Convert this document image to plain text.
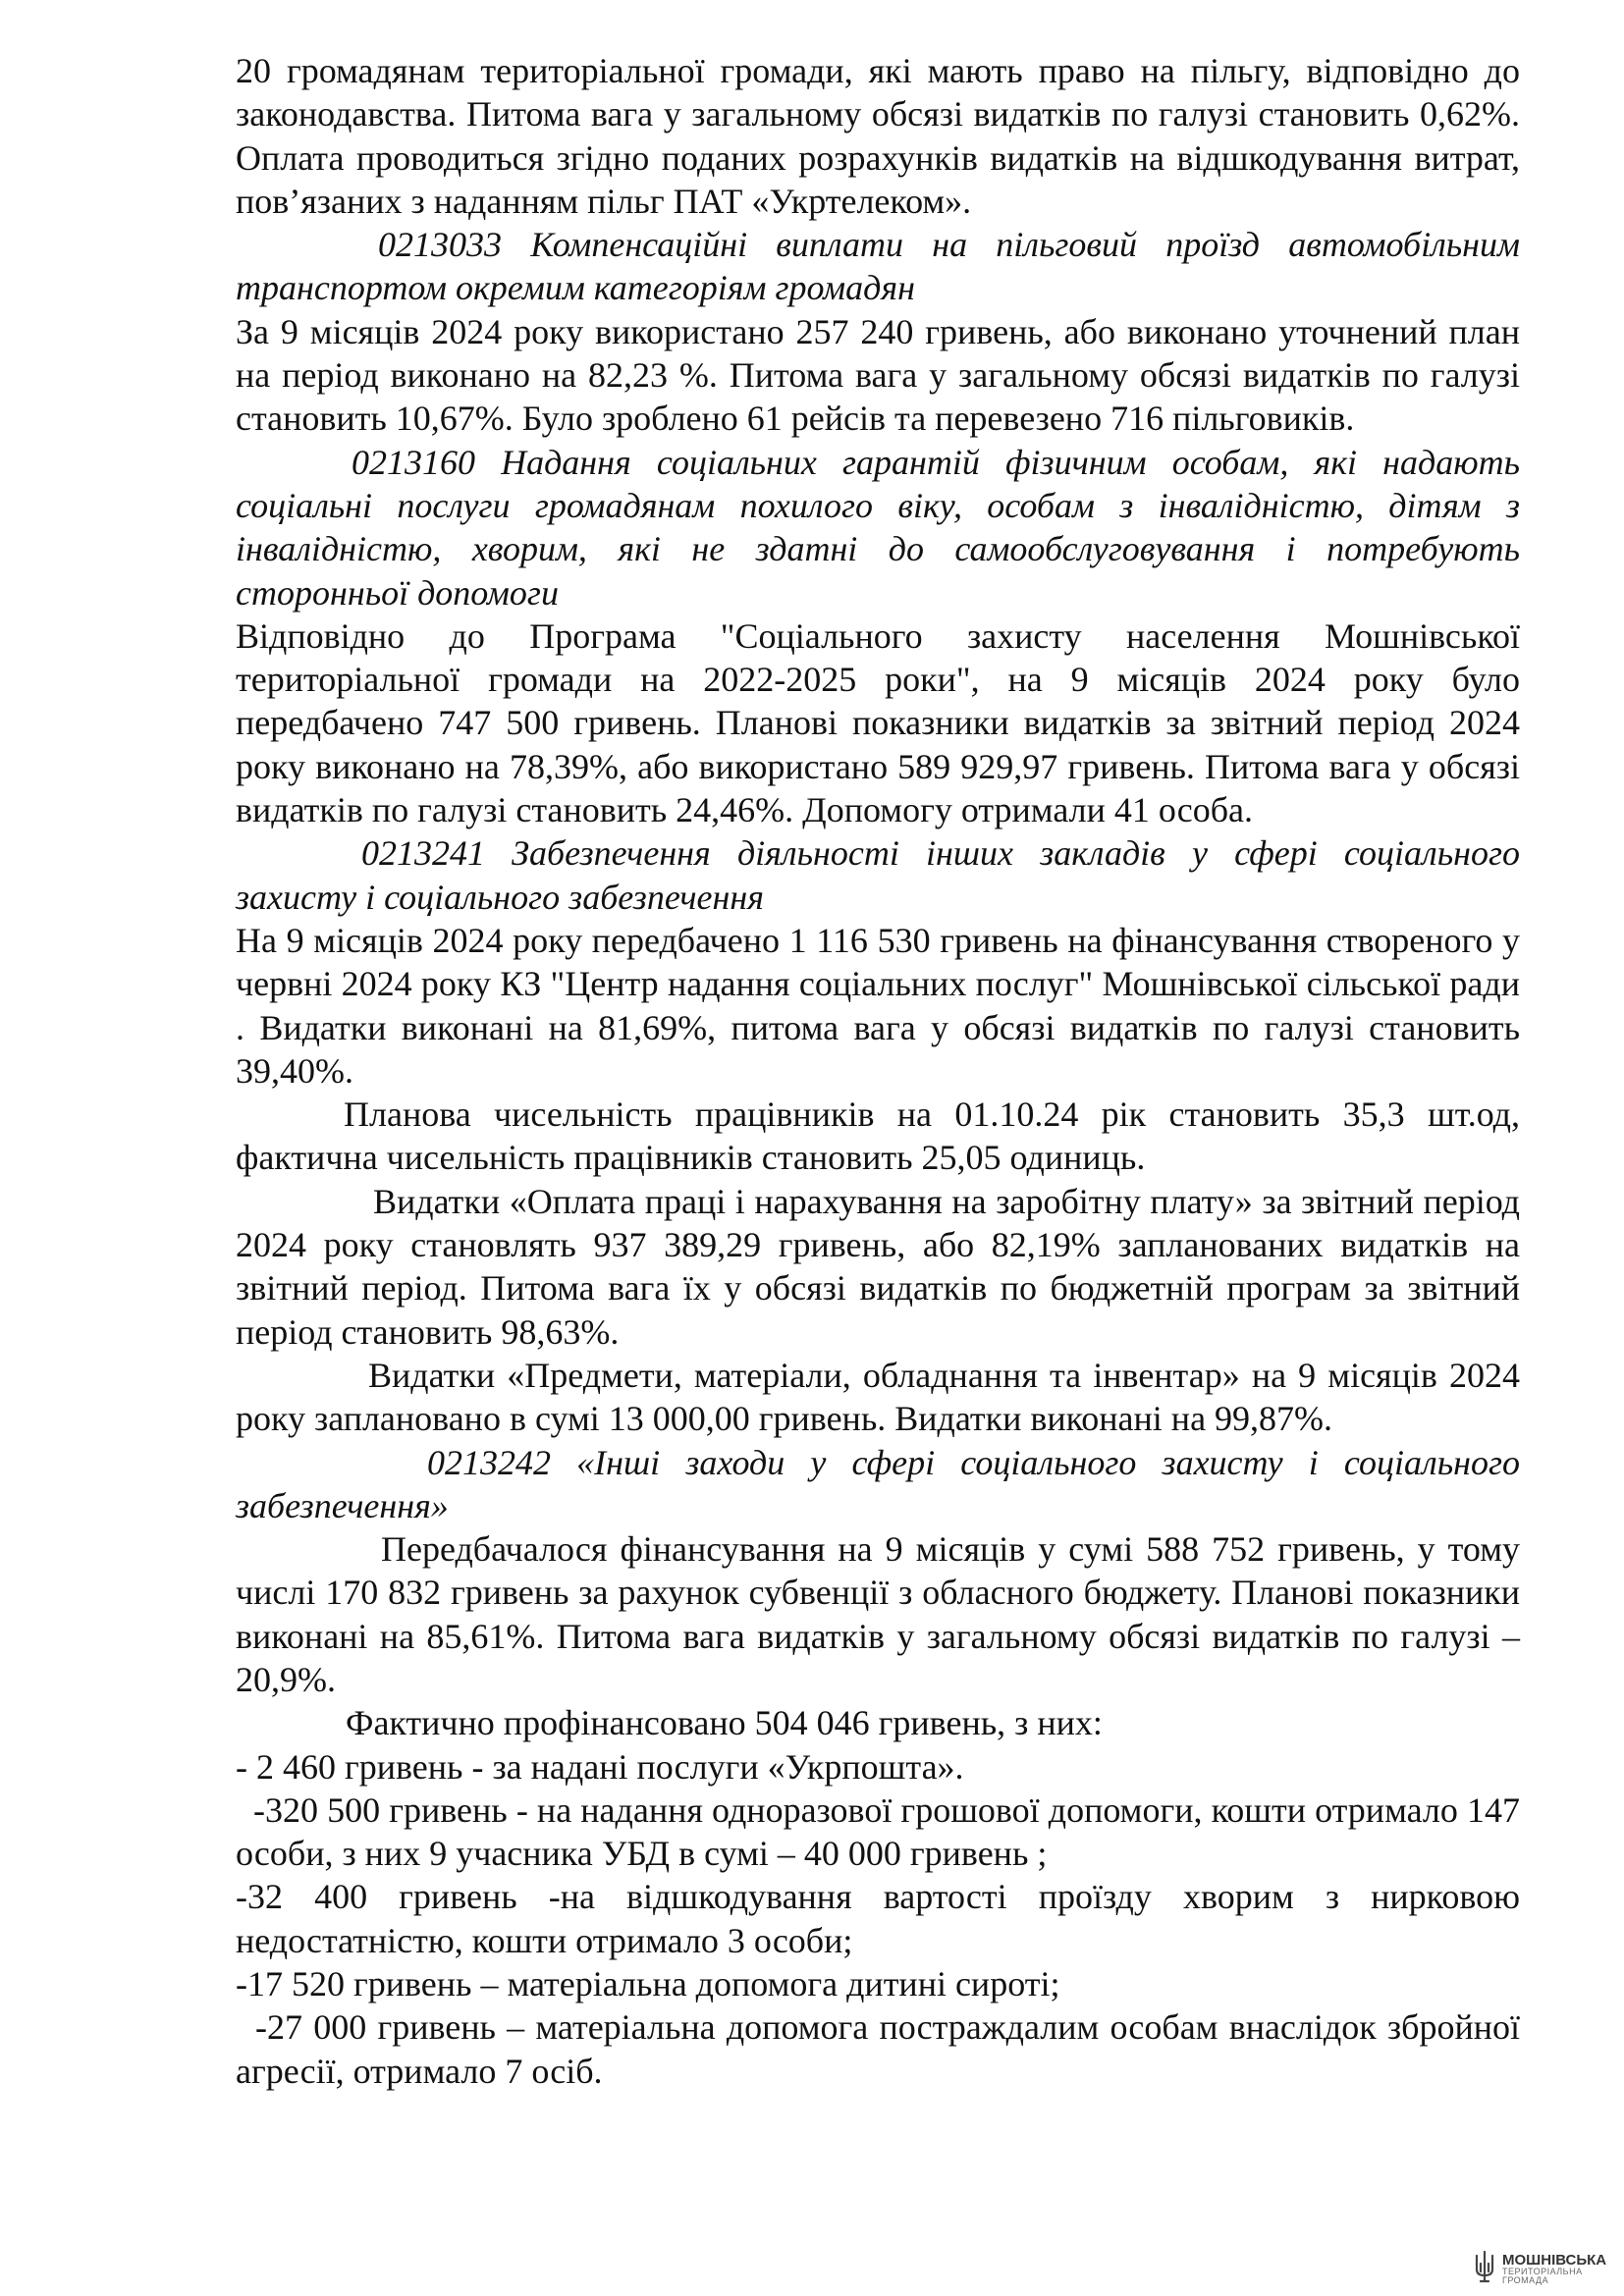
20 громадянам територіальної громади, які мають право на пільгу, відповідно до законодавства. Питома вага у загальному обсязі видатків по галузі становить 0,62%. Оплата проводиться згідно поданих розрахунків видатків на відшкодування витрат, пов’язаних з наданням пільг ПАТ «Укртелеком».

0213033 Компенсаційні виплати на пільговий проїзд автомобільним транспортом окремим категоріям громадян

За 9 місяців 2024 року використано 257 240 гривень, або виконано уточнений план на період виконано на 82,23 %. Питома вага у загальному обсязі видатків по галузі становить 10,67%. Було зроблено 61 рейсів та перевезено 716 пільговиків.

0213160 Надання соціальних гарантій фізичним особам, які надають соціальні послуги громадянам похилого віку, особам з інвалідністю, дітям з інвалідністю, хворим, які не здатні до самообслуговування і потребують сторонньої допомоги

Відповідно до Програма "Соціального захисту населення Мошнівської територіальної громади на 2022-2025 роки", на 9 місяців 2024 року було передбачено 747 500 гривень. Планові показники видатків за звітний період 2024 року виконано на 78,39%, або використано 589 929,97 гривень. Питома вага у обсязі видатків по галузі становить 24,46%. Допомогу отримали 41 особа.

0213241 Забезпечення діяльності інших закладів у сфері соціального захисту і соціального забезпечення

На 9 місяців 2024 року передбачено 1 116 530 гривень на фінансування створеного у червні 2024 року КЗ "Центр надання соціальних послуг" Мошнівської сільської ради . Видатки виконані на 81,69%, питома вага у обсязі видатків по галузі становить 39,40%.

Планова чисельність працівників на 01.10.24 рік становить 35,3 шт.од, фактична чисельність працівників становить 25,05 одиниць.

Видатки «Оплата праці і нарахування на заробітну плату» за звітний період 2024 року становлять 937 389,29 гривень, або 82,19% запланованих видатків на звітний період. Питома вага їх у обсязі видатків по бюджетній програм за звітний період становить 98,63%.

Видатки «Предмети, матеріали, обладнання та інвентар» на 9 місяців 2024 року заплановано в сумі 13 000,00 гривень. Видатки виконані на 99,87%.

0213242 «Інші заходи у сфері соціального захисту і соціального забезпечення»

Передбачалося фінансування на 9 місяців у сумі 588 752 гривень, у тому числі 170 832 гривень за рахунок субвенції з обласного бюджету. Планові показники виконані на 85,61%. Питома вага видатків у загальному обсязі видатків по галузі – 20,9%.

Фактично профінансовано 504 046 гривень, з них:

- 2 460 гривень - за надані послуги «Укрпошта».

-320 500 гривень - на надання одноразової грошової допомоги, кошти отримало 147 особи, з них 9 учасника УБД в сумі – 40 000 гривень ;

-32 400 гривень -на відшкодування вартості проїзду хворим з нирковою недостатністю, кошти отримало 3 особи;

-17 520 гривень – матеріальна допомога дитині сироті;

-27 000 гривень – матеріальна допомога постраждалим особам внаслідок збройної агресії, отримало 7 осіб.

МОШНІВСЬКА
ТЕРИТОРІАЛЬНА
ГРОМАДА
